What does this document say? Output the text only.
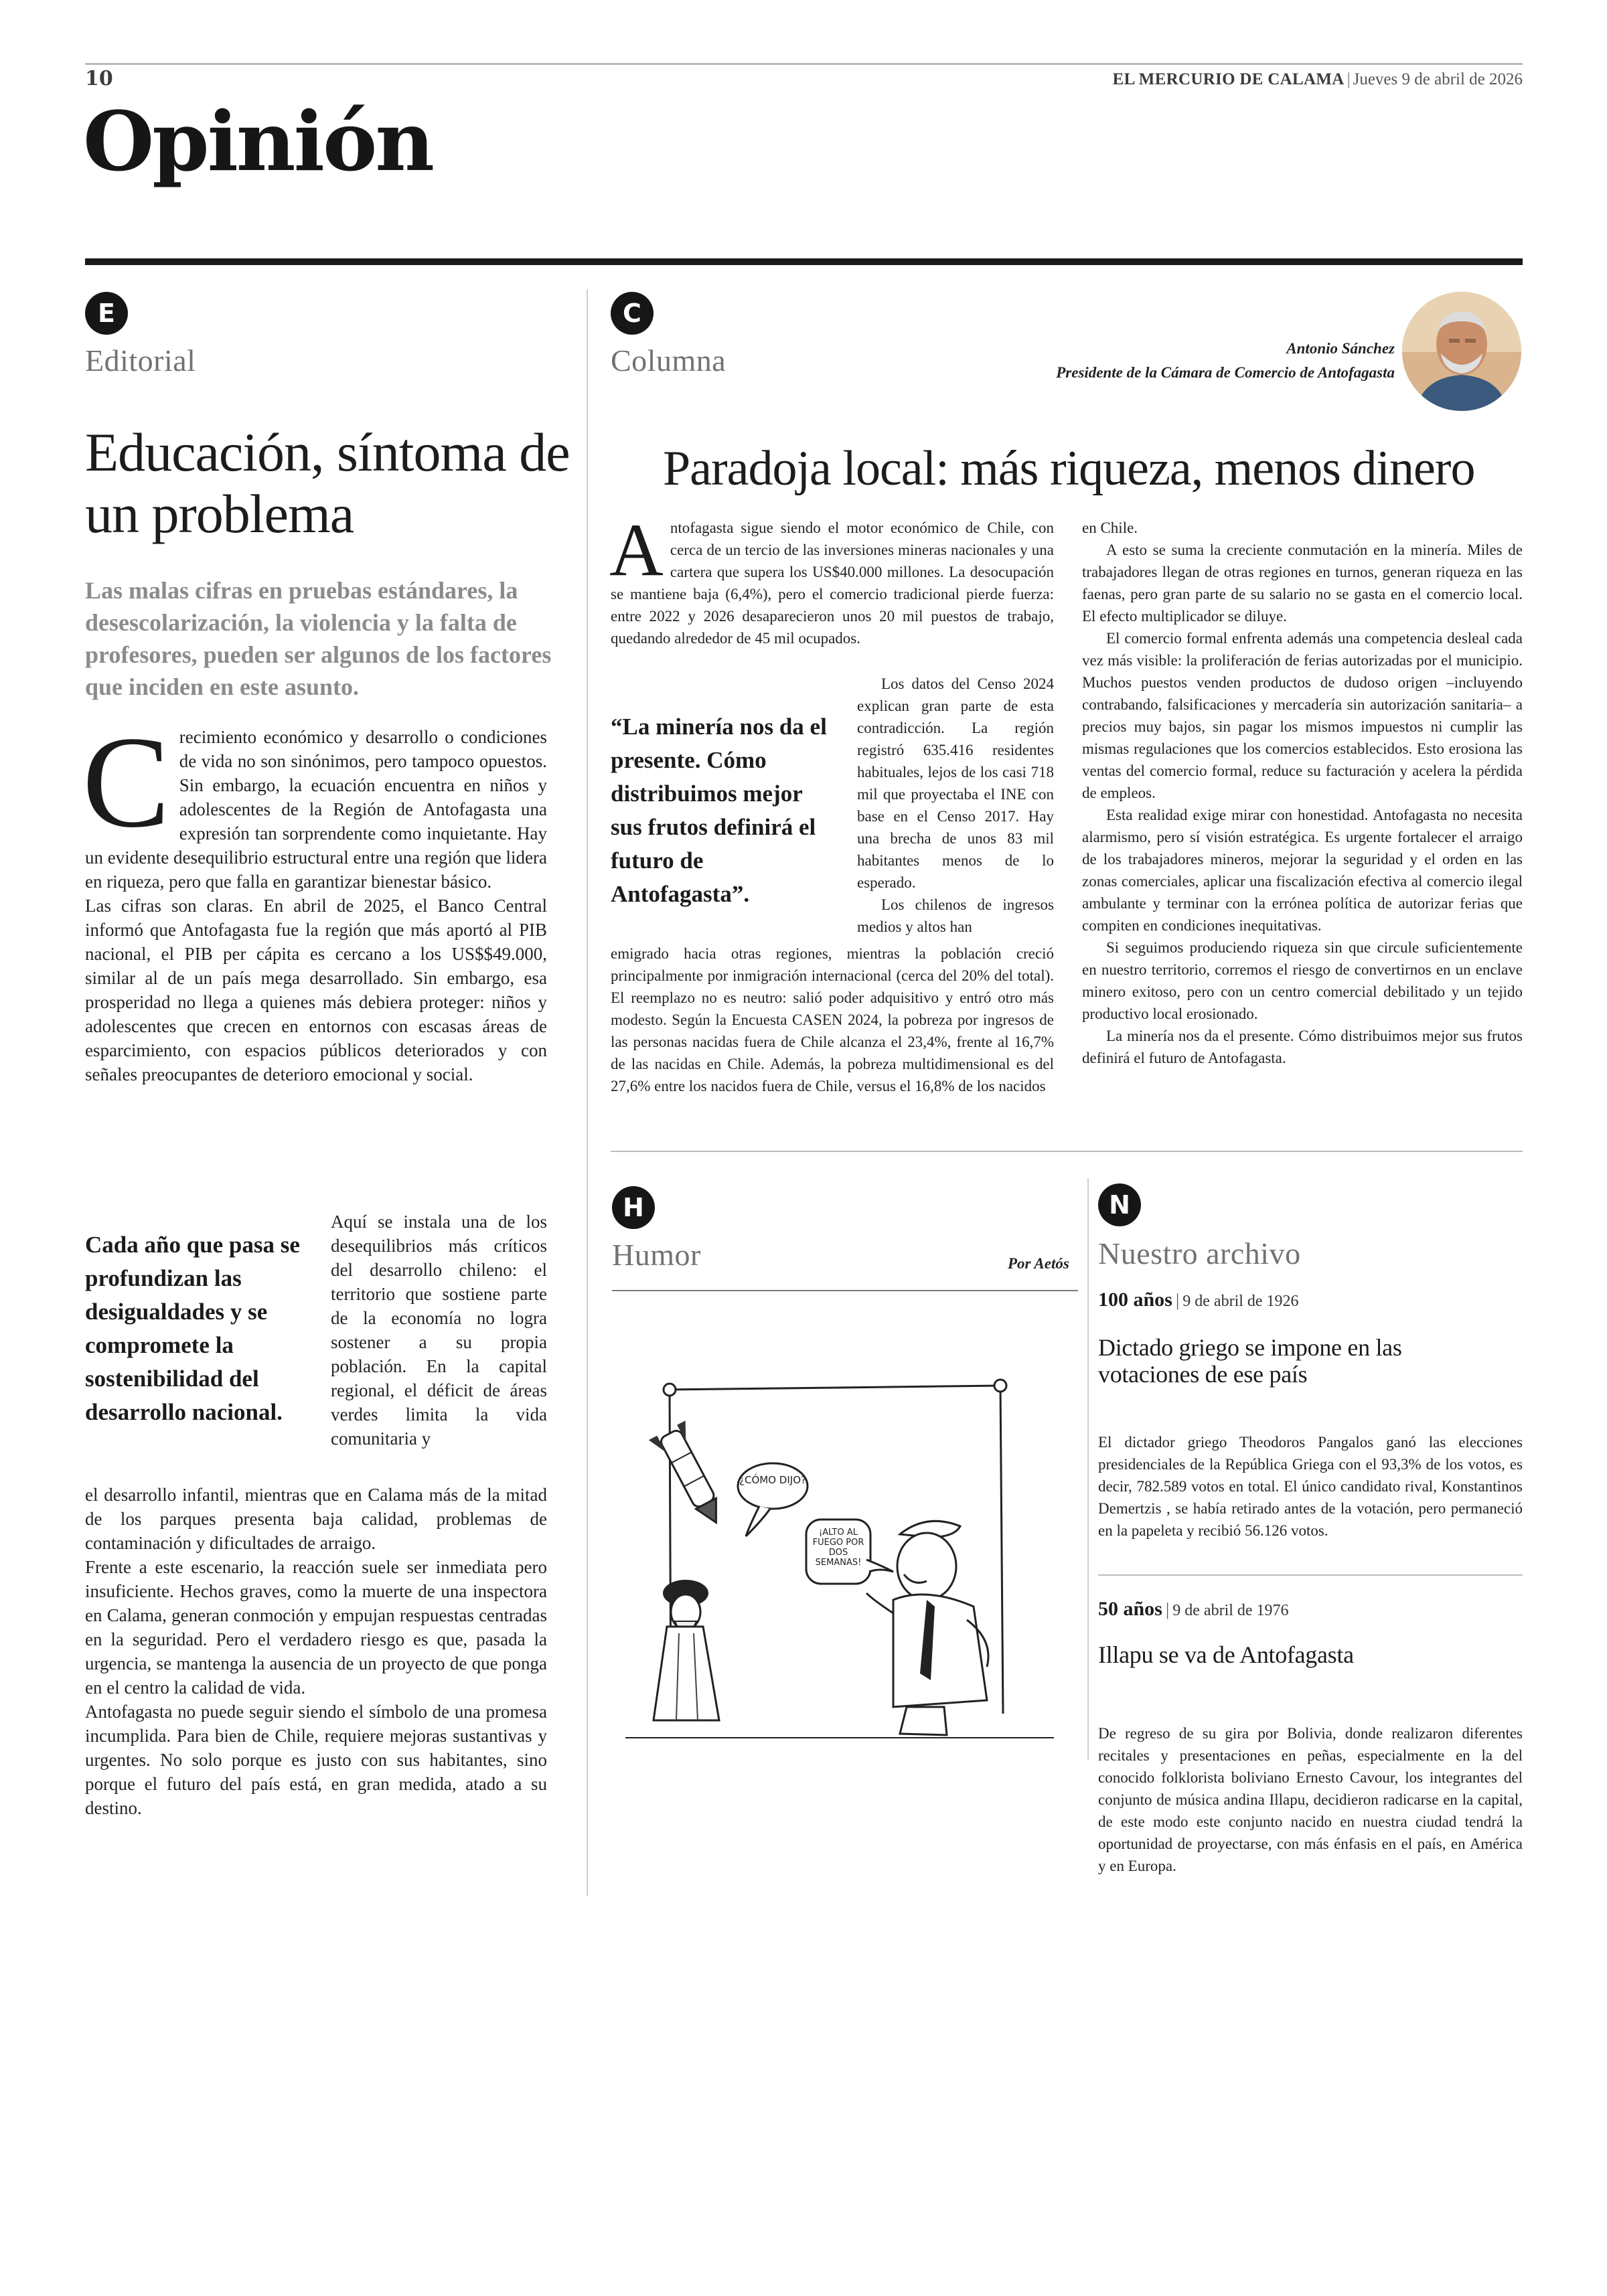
10	EL MERCURIO DE CALAMA | Jueves 9 de abril de 2026
Opinión
E
Editorial
Educación, síntoma de un problema
Las malas cifras en pruebas estándares, la desescolarización, la violencia y la falta de profesores, pueden ser algunos de los factores que inciden en este asunto.
C recimiento económico y desarrollo o condiciones de vida no son sinónimos, pero tampoco opuestos. Sin embargo, la ecuación encuentra en niños y adolescentes de la Región de Antofagasta una expresión tan sorprendente como inquietante. Hay un evidente desequilibrio estructural entre una región que lidera en riqueza, pero que falla en garantizar bienestar básico.

Las cifras son claras. En abril de 2025, el Banco Central informó que Antofagasta fue la región que más aportó al PIB nacional, el PIB per cápita es cercano a los US$$49.000, similar al de un país mega desarrollado. Sin embargo, esa prosperidad no llega a quienes más debiera proteger: niños y adolescentes que crecen en entornos con escasas áreas de esparcimiento, con espacios públicos deteriorados y con señales preocupantes de deterioro emocional y social.

Cada año que pasa se profundizan las desigualdades y se compromete la sostenibilidad del desarrollo nacional.

Aquí se instala una de los desequilibrios más críticos del desarrollo chileno: el territorio que sostiene parte de la economía no logra sostener a su propia población. En la capital regional, el déficit de áreas verdes limita la vida comunitaria y

el desarrollo infantil, mientras que en Calama más de la mitad de los parques presenta baja calidad, problemas de contaminación y dificultades de arraigo.

Frente a este escenario, la reacción suele ser inmediata pero insuficiente. Hechos graves, como la muerte de una inspectora en Calama, generan conmoción y empujan respuestas centradas en la seguridad. Pero el verdadero riesgo es que, pasada la urgencia, se mantenga la ausencia de un proyecto de que ponga en el centro la calidad de vida.

Antofagasta no puede seguir siendo el símbolo de una promesa incumplida. Para bien de Chile, requiere mejoras sustantivas y urgentes. No solo porque es justo con sus habitantes, sino porque el futuro del país está, en gran medida, atado a su destino.

C
Columna	Antonio Sánchez
Presidente de la Cámara de Comercio de Antofagasta
Paradoja local: más riqueza, menos dinero
A ntofagasta sigue siendo el motor económico de Chile, con cerca de un tercio de las inversiones mineras nacionales y una cartera que supera los US$40.000 millones. La desocupación se mantiene baja (6,4%), pero el comercio tradicional pierde fuerza: entre 2022 y 2026 desaparecieron unos 20 mil puestos de trabajo, quedando alrededor de 45 mil ocupados.

“La minería nos da el presente. Cómo distribuimos mejor sus frutos definirá el futuro de Antofagasta”.

Los datos del Censo 2024 explican gran parte de esta contradicción. La región registró 635.416 residentes habituales, lejos de los casi 718 mil que proyectaba el INE con base en el Censo 2017. Hay una brecha de unos 83 mil habitantes menos de lo esperado.

Los chilenos de ingresos medios y altos han

emigrado hacia otras regiones, mientras la población creció principalmente por inmigración internacional (cerca del 20% del total). El reemplazo no es neutro: salió poder adquisitivo y entró otro más modesto. Según la Encuesta CASEN 2024, la pobreza por ingresos de las personas nacidas fuera de Chile alcanza el 23,4%, frente al 16,7% de las nacidas en Chile. Además, la pobreza multidimensional es del 27,6% entre los nacidos fuera de Chile, versus el 16,8% de los nacidos

en Chile.

A esto se suma la creciente conmutación en la minería. Miles de trabajadores llegan de otras regiones en turnos, generan riqueza en las faenas, pero gran parte de su salario no se gasta en el comercio local. El efecto multiplicador se diluye.

El comercio formal enfrenta además una competencia desleal cada vez más visible: la proliferación de ferias autorizadas por el municipio. Muchos puestos venden productos de dudoso origen –incluyendo contrabando, falsificaciones y mercadería sin autorización sanitaria– a precios muy bajos, sin pagar los mismos impuestos ni cumplir las mismas regulaciones que los comercios establecidos. Esto erosiona las ventas del comercio formal, reduce su facturación y acelera la pérdida de empleos.

Esta realidad exige mirar con honestidad. Antofagasta no necesita alarmismo, pero sí visión estratégica. Es urgente fortalecer el arraigo de los trabajadores mineros, mejorar la seguridad y el orden en las zonas comerciales, aplicar una fiscalización efectiva al comercio ilegal ambulante y terminar con la errónea política de autorizar ferias que compiten en condiciones inequitativas.

Si seguimos produciendo riqueza sin que circule suficientemente en nuestro territorio, corremos el riesgo de convertirnos en un enclave minero exitoso, pero con un centro comercial debilitado y un tejido productivo local erosionado.

La minería nos da el presente. Cómo distribuimos mejor sus frutos definirá el futuro de Antofagasta.

H
Humor	Por Aetós
¿CÓMO DIJO?
¡ALTO AL FUEGO POR DOS SEMANAS!
N
Nuestro archivo
100 años | 9 de abril de 1926
Dictado griego se impone en las votaciones de ese país
El dictador griego Theodoros Pangalos ganó las elecciones presidenciales de la República Griega con el 93,3% de los votos, es decir, 782.589 votos en total. El único candidato rival, Konstantinos Demertzis , se había retirado antes de la votación, pero permaneció en la papeleta y recibió 56.126 votos.
50 años | 9 de abril de 1976
Illapu se va de Antofagasta
De regreso de su gira por Bolivia, donde realizaron diferentes recitales y presentaciones en peñas, especialmente en la del conocido folklorista boliviano Ernesto Cavour, los integrantes del conjunto de música andina Illapu, decidieron radicarse en la capital, de este modo este conjunto nacido en nuestra ciudad tendrá la oportunidad de proyectarse, con más énfasis en el país, en América y en Europa.
